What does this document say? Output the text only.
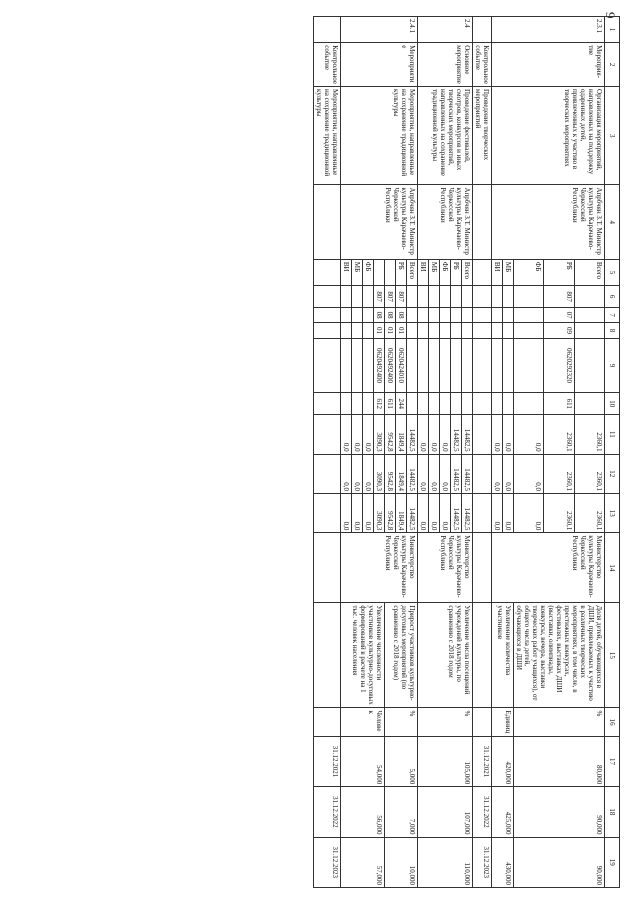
9
1	2	3	4	5	6	7	8	9	10	11	12	13	14	15	16	17	18	19
2.3.1	Мероприя-тие	Организация мероприятий, направленных на поддержку одаренных детей, привлеченных к участию в творческих мероприятиях	Апрбчян З.Т. Министр культуры Карачаево-Черкесской Республики	Всего						2360,1	2360,1	2360,1	Министерство культуры Карачаево-Черкесской Республики	Доля детей, обучающихся в ДШИ, привлекаемых к участию в различных творческих мероприятиях, в том числе, в престижных конкурсах, фестивалях, выставках ДШИ (выставки, олимпиады, конкурсы, вечера, выставки творческих работ учащихся), от общего числа детей, обучающихся в ДШИ	%	80,000	90,000	90,000
				РБ	807	07	09	0620292320	611	2360,1	2360,1	2360,1						
				ФБ						0,0	0,0	0,0						
				МБ						0,0	0,0	0,0		Увеличение количества участников	Единиц	420,000	425,000	430,000
				ВИ						0,0	0,0	0,0						
	Контрольное событие	Проведение творческих мероприятий														31.12.2021	31.12.2022	31.12.2023
2.4	Основное мероприятие	Проведение фестивалей, смотров, конкурсов и иных творческих мероприятий, направленных на сохранение традиционной культуры	Апрбчян З.Т. Министр культуры Карачаево-Черкесской Республики	Всего						14482,5	14482,5	14482,5	Министерство культуры Карачаево-Черкесской Республики	Увеличение числа посещений учреждений культуры, по сравнению с 2018 годом	%	105,000	107,000	110,000
				РБ						14482,5	14482,5	14482,5						
				ФБ						0,0	0,0	0,0						
				МБ						0,0	0,0	0,0						
				ВИ						0,0	0,0	0,0						
2.4.1	Мероприятие	Мероприятия, направленные на сохранение традиционной культуры	Апрбчян З.Т. Министр культуры Карачаево-Черкесской Республики	Всего						14482,5	14482,5	14482,5	Министерство культуры Карачаево-Черкесской Республики	Прирост участников культурно-досуговых мероприятий (по сравнению с 2018 годом)	%	5,000	7,000	10,000
				РБ	807	08	01	0620424010	244	1849,4	1849,4	1849,4						
					807	08	01	0620492400	611	9542,8	9542,8	9542,8						
					807	08	01	0620492400	612	3090,3	3090,3	3090,3		Увеличение численности участников культурно-досуговых формирований в расчете на 1 тыс. человек населения	Человек	54,000	56,000	57,000
				ФБ						0,0	0,0	0,0						
				МБ						0,0	0,0	0,0						
				ВИ						0,0	0,0	0,0						
	Контрольное событие	Мероприятия, направленные на сохранение традиционной культуры														31.12.2021	31.12.2022	31.12.2023
